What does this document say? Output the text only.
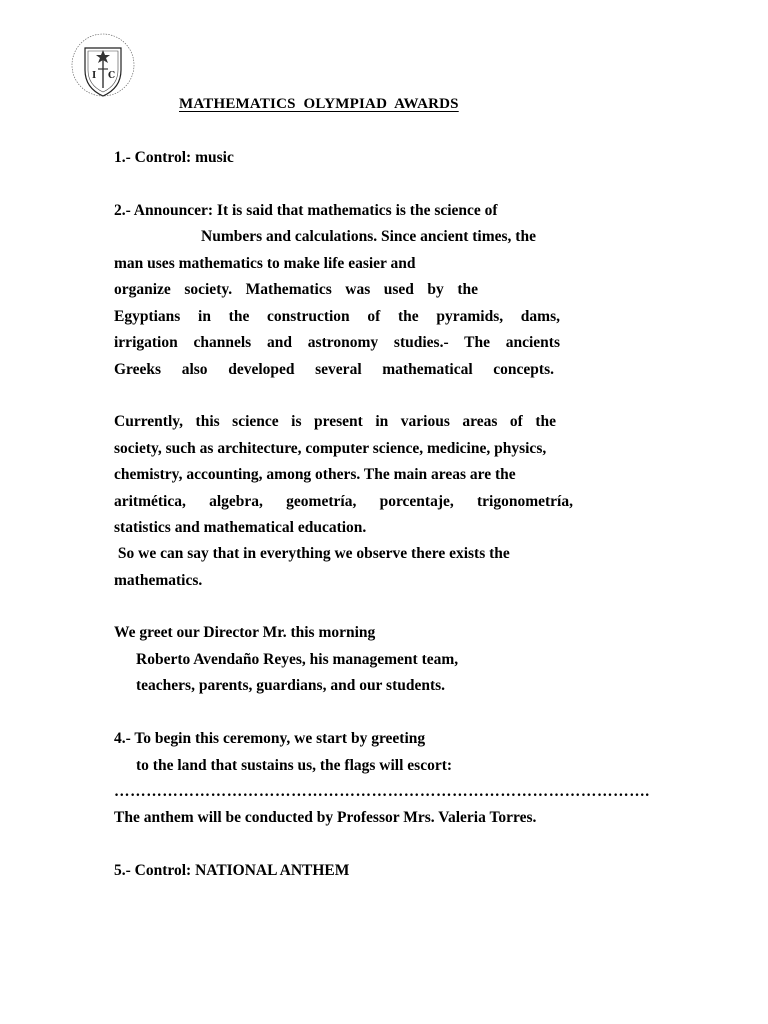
I C
MATHEMATICS  OLYMPIAD  AWARDS
1.- Control: music
2.- Announcer: It is said that mathematics is the science of
Numbers and calculations. Since ancient times, the
man uses mathematics to make life easier and
organize society. Mathematics was used by the
Egyptians in the construction of the pyramids, dams,
irrigation channels and astronomy studies.- The ancients
Greeks also developed several mathematical concepts.
Currently, this science is present in various areas of the
society, such as architecture, computer science, medicine, physics,
chemistry, accounting, among others. The main areas are the
aritmética, algebra, geometría, porcentaje, trigonometría,
statistics and mathematical education.
So we can say that in everything we observe there exists the
mathematics.
We greet our Director Mr. this morning
Roberto Avendaño Reyes, his management team,
teachers, parents, guardians, and our students.
4.- To begin this ceremony, we start by greeting
to the land that sustains us, the flags will escort:
……………………………………………………………………………………….
The anthem will be conducted by Professor Mrs. Valeria Torres.
5.- Control: NATIONAL ANTHEM
